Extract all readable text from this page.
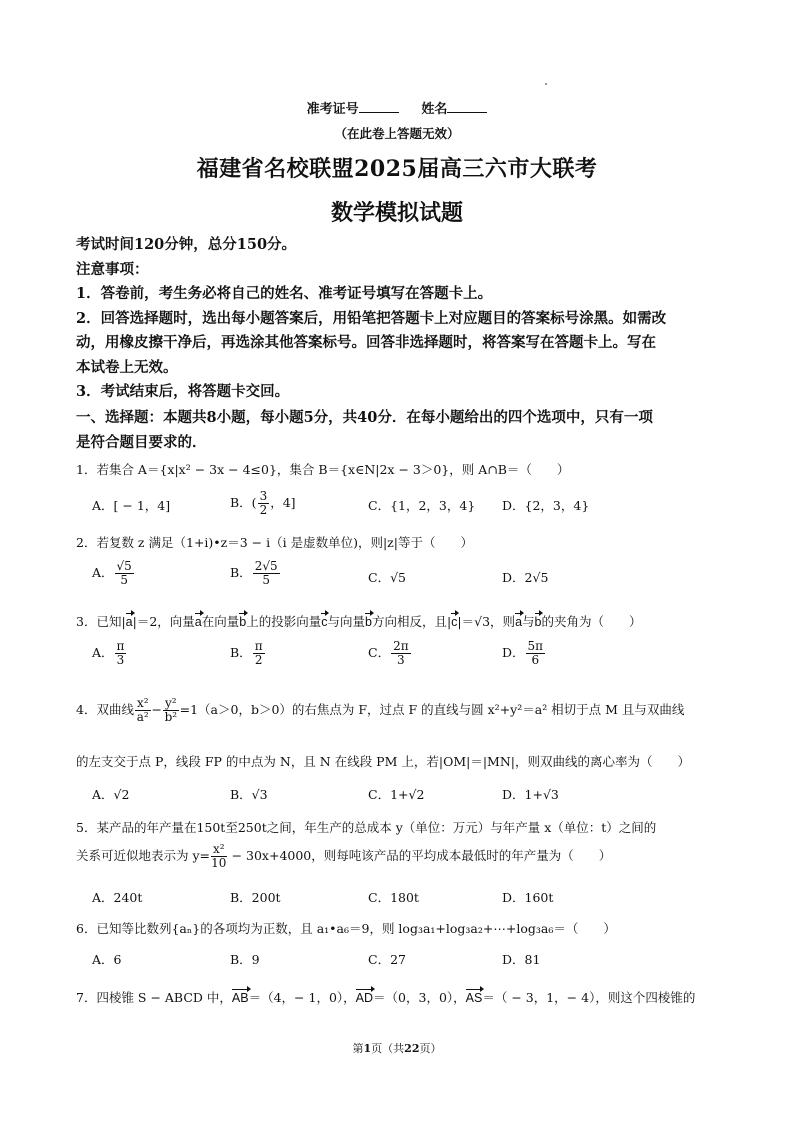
准考证号	姓名
（在此卷上答题无效）
福建省名校联盟2025届高三六市大联考
数学模拟试题
考试时间120分钟，总分150分。
注意事项：
1．答卷前，考生务必将自己的姓名、准考证号填写在答题卡上。
2．回答选择题时，选出每小题答案后，用铅笔把答题卡上对应题目的答案标号涂黑。如需改
动，用橡皮擦干净后，再选涂其他答案标号。回答非选择题时，将答案写在答题卡上。写在
本试卷上无效。
3．考试结束后，将答题卡交回。
一、选择题：本题共8小题，每小题5分，共40分．在每小题给出的四个选项中，只有一项
是符合题目要求的．
1．若集合 A＝{x|x² − 3x − 4≤0}，集合 B＝{x∈N|2x − 3＞0}，则 A∩B＝（　　）
A．[ − 1，4]	B．( $\frac{3}{2}$ ，4]	C．{1，2，3，4} D．{2，3，4}
2．若复数 z 满足（1+i)•z＝3 − i（i 是虚数单位)，则|z|等于（　　）
A． $\frac{√5}{5}$	B． $\frac{2√5}{5}$	C．√5	D．2√5
3．已知|a|＝2，向量a在向量b上的投影向量c与向量b方向相反，且|c|＝√3，则a与b的夹角为（　　）
A． $\frac{\pi}{3}$	B． $\frac{\pi}{2}$	C． $\frac{2\pi}{3}$	D． $\frac{5\pi}{6}$
4．双曲线 $\frac{\text{x²}}{\text{a²}} - \frac{\text{y²}}{\text{b²}} =1(a>0$，b＞0）的右焦点为 F，过点 F 的直线与圆 x²+y²＝a² 相切于点 M 且与双曲线
的左支交于点 P，线段 FP 的中点为 N，且 N 在线段 PM 上，若|OM|＝|MN|，则双曲线的离心率为（　　）
A．√2	B．√3	C．1+√2	D．1+√3
5．某产品的年产量在150t至250t之间，年生产的总成本 y（单位：万元）与年产量 x（单位：t）之间的
关系可近似地表示为 $y= \frac{\text{x²}}{10} - 30x+4000$，则每吨该产品的平均成本最低时的年产量为（　　）
A．240t	B．200t	C．180t	D．160t
6．已知等比数列{aₙ}的各项均为正数，且 a₁•a₆＝9，则 log₃a₁+log₃a₂+⋯+log₃a₆＝（　　）
A．6	B．9	C．27	D．81
7．四棱锥 S − ABCD 中，AB＝（4，− 1，0），AD＝（0，3，0），AS＝（ − 3，1，− 4），则这个四棱锥的
第1页（共22页）
